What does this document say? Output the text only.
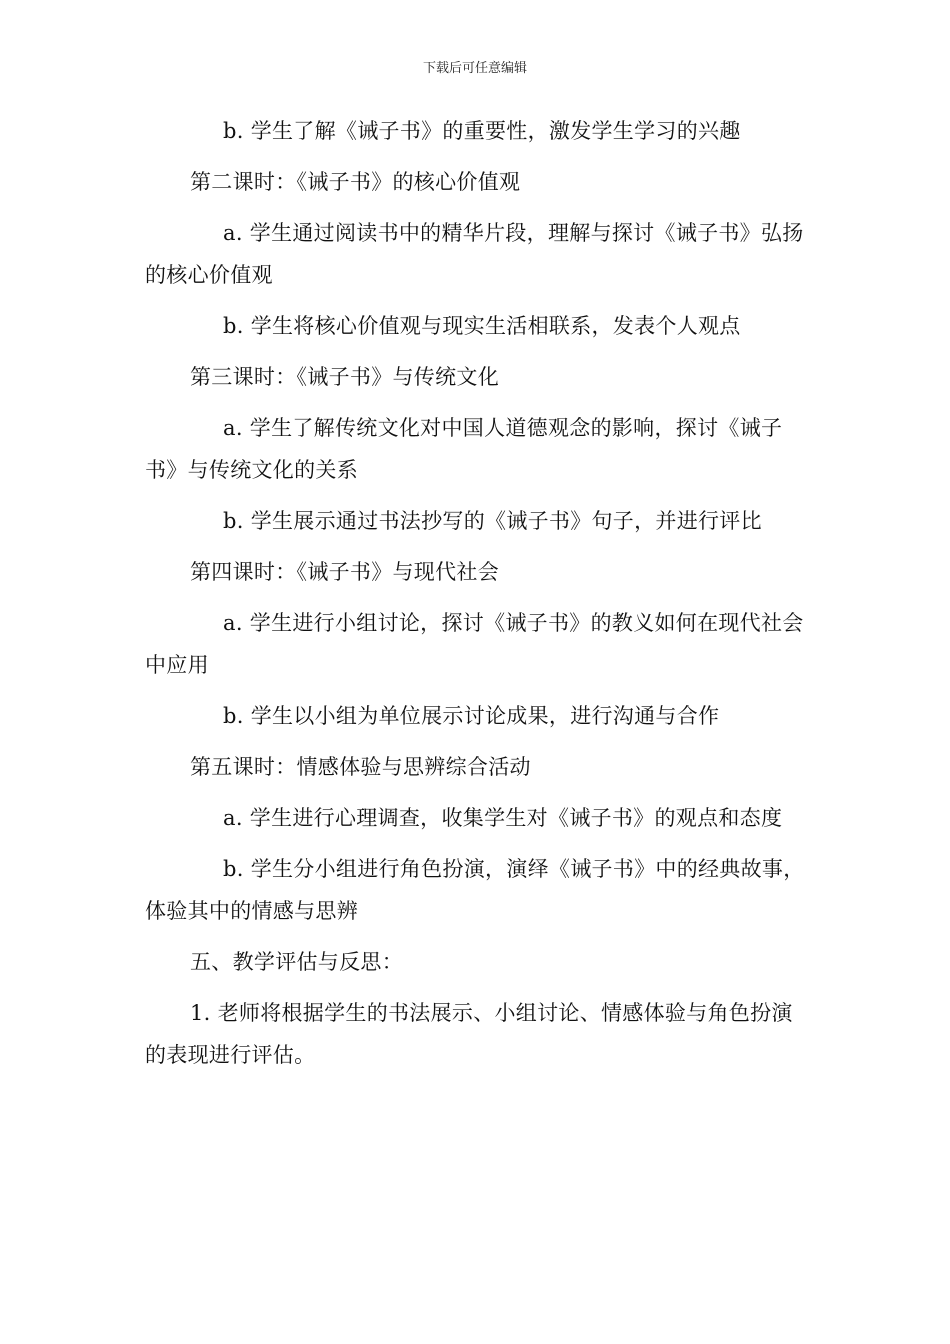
下载后可任意编辑

b. 学生了解《诫子书》的重要性，激发学生学习的兴趣

第二课时：《诫子书》的核心价值观

a. 学生通过阅读书中的精华片段，理解与探讨《诫子书》弘扬的核心价值观

b. 学生将核心价值观与现实生活相联系，发表个人观点

第三课时：《诫子书》与传统文化

a. 学生了解传统文化对中国人道德观念的影响，探讨《诫子书》与传统文化的关系

b. 学生展示通过书法抄写的《诫子书》句子，并进行评比

第四课时：《诫子书》与现代社会

a. 学生进行小组讨论，探讨《诫子书》的教义如何在现代社会中应用

b. 学生以小组为单位展示讨论成果，进行沟通与合作

第五课时：情感体验与思辨综合活动

a. 学生进行心理调查，收集学生对《诫子书》的观点和态度

b. 学生分小组进行角色扮演，演绎《诫子书》中的经典故事，体验其中的情感与思辨

五、教学评估与反思：

1. 老师将根据学生的书法展示、小组讨论、情感体验与角色扮演的表现进行评估。
